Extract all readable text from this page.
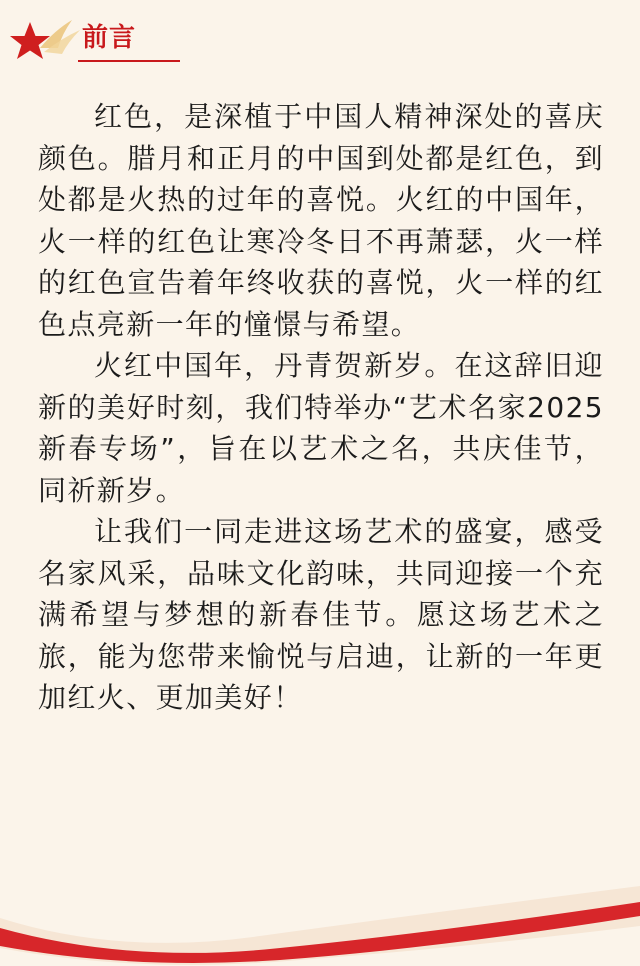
前言

红色，是深植于中国人精神深处的喜庆颜色。腊月和正月的中国到处都是红色，到处都是火热的过年的喜悦。火红的中国年，火一样的红色让寒冷冬日不再萧瑟，火一样的红色宣告着年终收获的喜悦，火一样的红色点亮新一年的憧憬与希望。

火红中国年，丹青贺新岁。在这辞旧迎新的美好时刻，我们特举办“艺术名家2025新春专场”，旨在以艺术之名，共庆佳节，同祈新岁。

让我们一同走进这场艺术的盛宴，感受名家风采，品味文化韵味，共同迎接一个充满希望与梦想的新春佳节。愿这场艺术之旅，能为您带来愉悦与启迪，让新的一年更加红火、更加美好！
